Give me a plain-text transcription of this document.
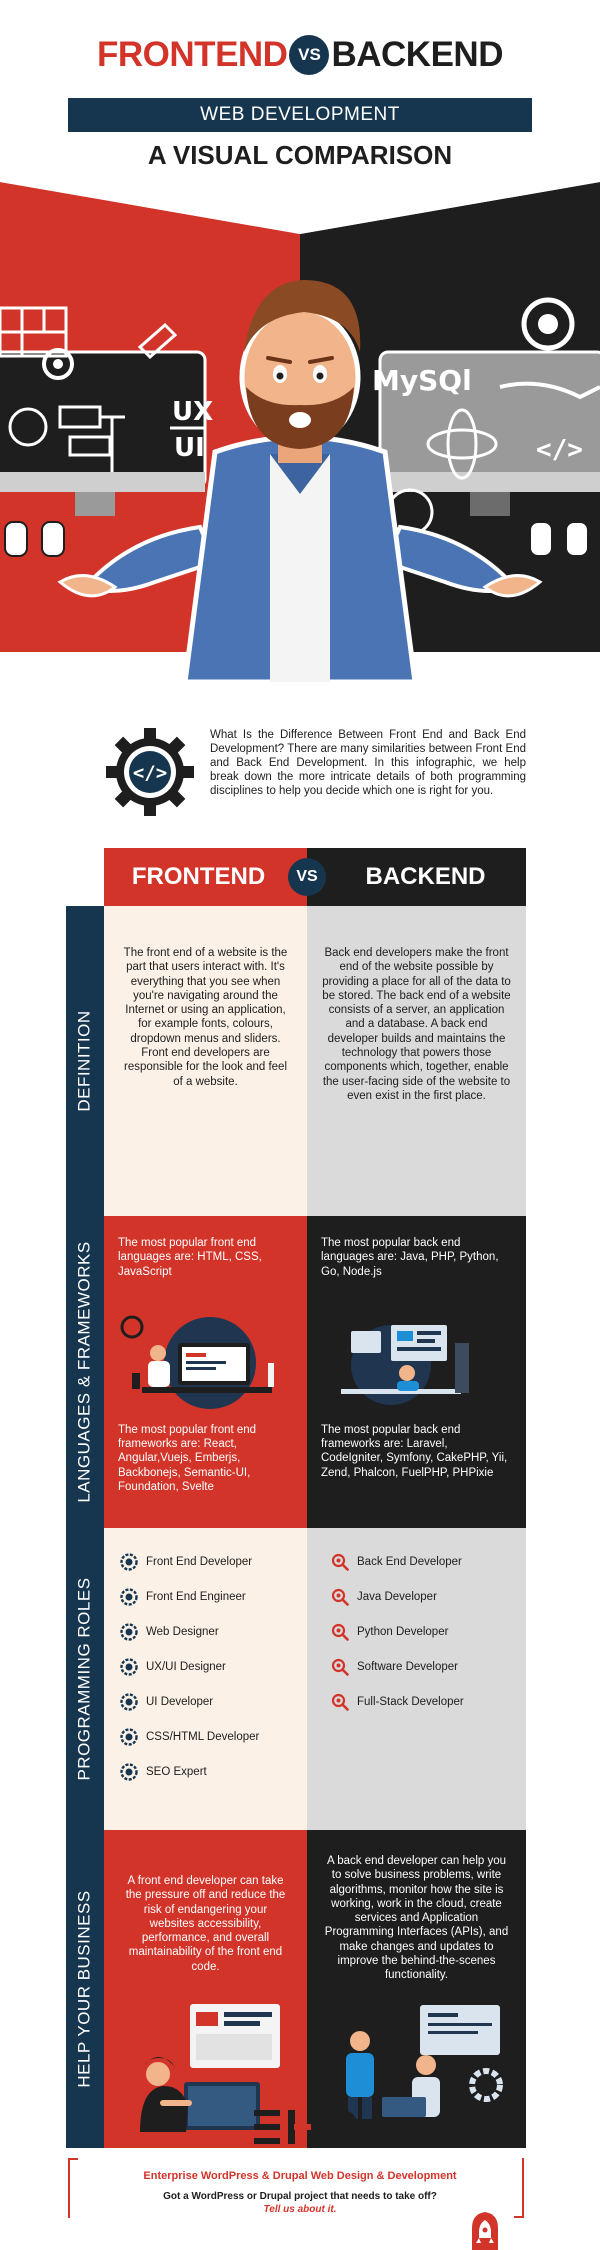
FRONTEND VS BACKEND
WEB DEVELOPMENT
A VISUAL COMPARISON
UX
UI
MySQl
</>
</>

What Is the Difference Between Front End and Back End Development? There are many similarities between Front End and Back End Development. In this infographic, we help break down the more intricate details of both programming disciplines to help you decide which one is right for you.

FRONTEND	BACKEND
VS
DEFINITION

The front end of a website is the part that users interact with. It's everything that you see when you're navigating around the Internet or using an application, for example fonts, colours, dropdown menus and sliders. Front end developers are responsible for the look and feel of a website.

Back end developers make the front end of the website possible by providing a place for all of the data to be stored. The back end of a website consists of a server, an application and a database. A back end developer builds and maintains the technology that powers those components which, together, enable the user-facing side of the website to even exist in the first place.

LANGUAGES & FRAMEWORKS The most popular front end languages are: HTML, CSS, JavaScript

The most popular front end frameworks are: React, Angular,Vuejs, Emberjs, Backbonejs, Semantic-UI, Foundation, Svelte

The most popular back end languages are: Java, PHP, Python, Go, Node.js

The most popular back end frameworks are: Laravel, CodeIgniter, Symfony, CakePHP, Yii, Zend, Phalcon, FuelPHP, PHPixie

PROGRAMMING ROLES
Front End Developer
Front End Engineer
Web Designer
UX/UI Designer
UI Developer
CSS/HTML Developer
SEO Expert
Back End Developer
Java Developer
Python Developer
Software Developer
Full-Stack Developer
HELP YOUR BUSINESS

A front end developer can take the pressure off and reduce the risk of endangering your websites accessibility, performance, and overall maintainability of the front end code.

A back end developer can help you to solve business problems, write algorithms, monitor how the site is working, work in the cloud, create services and Application Programming Interfaces (APIs), and make changes and updates to improve the behind-the-scenes functionality.

Enterprise WordPress & Drupal Web Design & Development
Got a WordPress or Drupal project that needs to take off?
Tell us about it.
